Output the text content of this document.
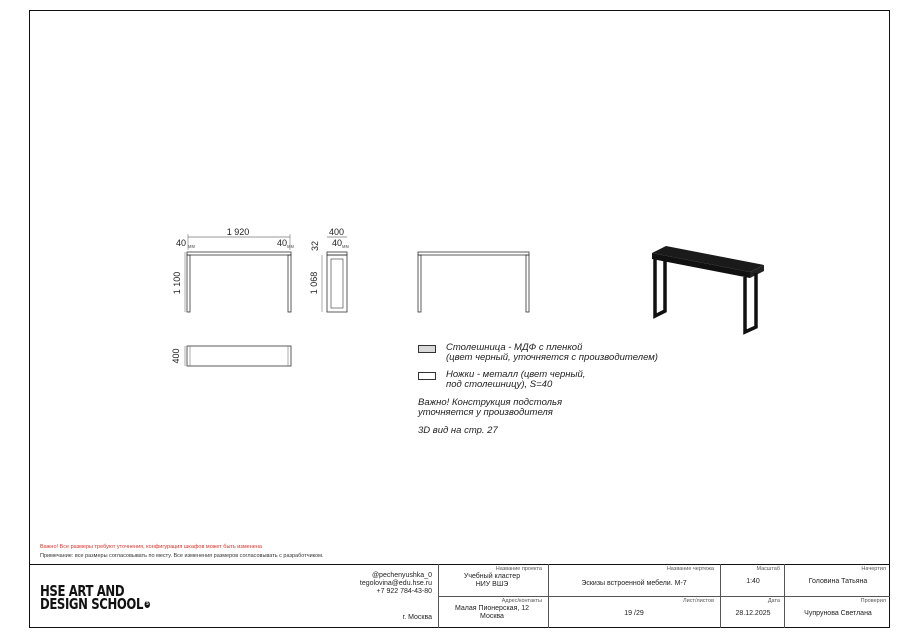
1 920
40 мм	40 мм
1 100
400
32 40 мм
1 068
400
Столешница - МДФ с пленкой
(цвет черный, уточняется с производителем)
Ножки - металл (цвет черный,
под столешницу), S=40
Важно! Конструкция подстолья
уточняется у производителя
3D вид на стр. 27
Важно! Все размеры требуют уточнения, конфигурация шкафов может быть изменена
Примечание: все размеры согласовывать по месту. Все изменения размеров согласовывать с разработчиком.
HSE ART AND
DESIGN SCHOOL 5
@pechenyushka_0
tegolovina@edu.hse.ru
+7 922 784-43-80
г. Москва
Название проекта
Учебный кластер
НИУ ВШЭ
Адрес/контакты
Малая Пионерская, 12
Москва
Название чертежа
Эскизы встроенной мебели. М-7
Лист/листов
19 /29
Масштаб
1:40
Дата
28.12.2025
Начертил
Головина Татьяна
Проверил
Чупрунова Светлана
